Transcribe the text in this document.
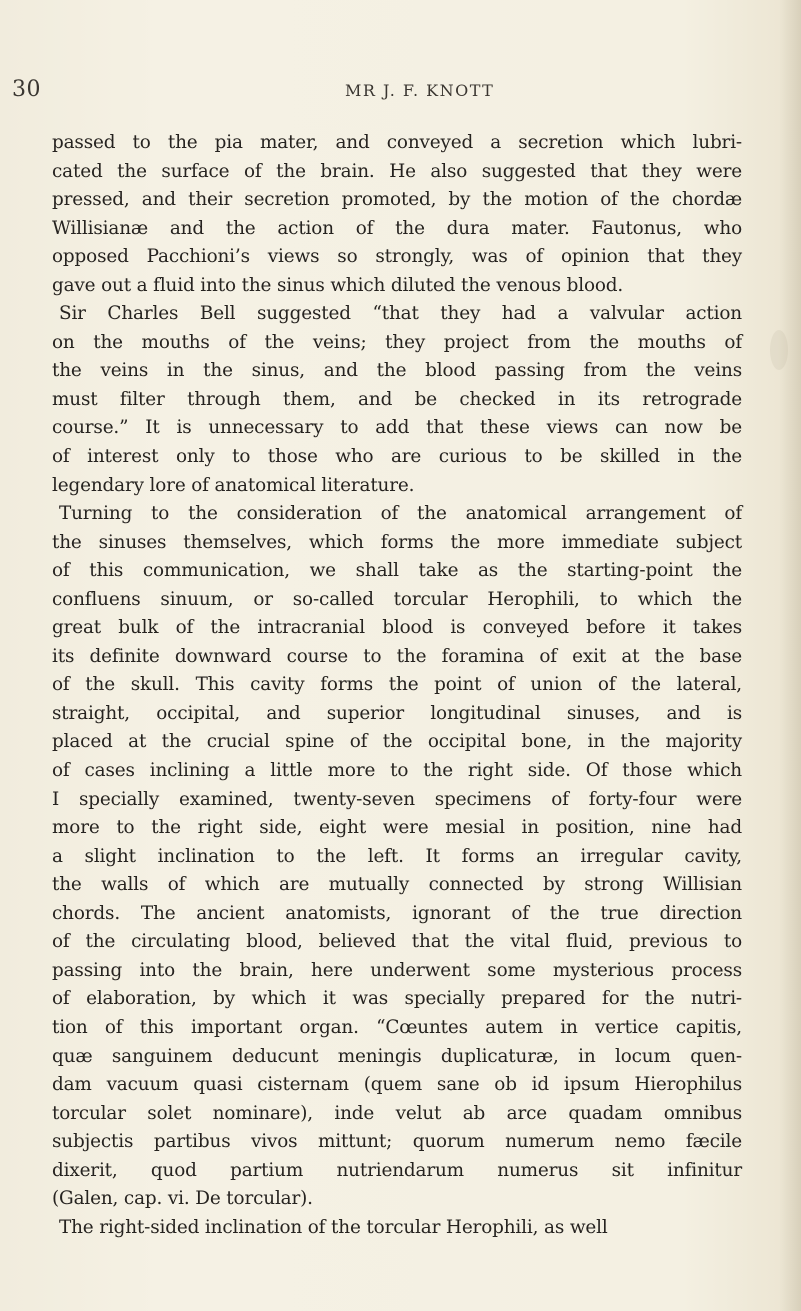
30	MR J. F. KNOTT
passed to the pia mater, and conveyed a secretion which lubri-
cated the surface of the brain. He also suggested that they were
pressed, and their secretion promoted, by the motion of the chordæ
Willisianæ and the action of the dura mater. Fautonus, who
opposed Pacchioni’s views so strongly, was of opinion that they
gave out a fluid into the sinus which diluted the venous blood.
Sir Charles Bell suggested “that they had a valvular action
on the mouths of the veins; they project from the mouths of
the veins in the sinus, and the blood passing from the veins
must filter through them, and be checked in its retrograde
course.” It is unnecessary to add that these views can now be
of interest only to those who are curious to be skilled in the
legendary lore of anatomical literature.
Turning to the consideration of the anatomical arrangement of
the sinuses themselves, which forms the more immediate subject
of this communication, we shall take as the starting-point the
confluens sinuum, or so-called torcular Herophili, to which the
great bulk of the intracranial blood is conveyed before it takes
its definite downward course to the foramina of exit at the base
of the skull. This cavity forms the point of union of the lateral,
straight, occipital, and superior longitudinal sinuses, and is
placed at the crucial spine of the occipital bone, in the majority
of cases inclining a little more to the right side. Of those which
I specially examined, twenty-seven specimens of forty-four were
more to the right side, eight were mesial in position, nine had
a slight inclination to the left. It forms an irregular cavity,
the walls of which are mutually connected by strong Willisian
chords. The ancient anatomists, ignorant of the true direction
of the circulating blood, believed that the vital fluid, previous to
passing into the brain, here underwent some mysterious process
of elaboration, by which it was specially prepared for the nutri-
tion of this important organ. “Cœuntes autem in vertice capitis,
quæ sanguinem deducunt meningis duplicaturæ, in locum quen-
dam vacuum quasi cisternam (quem sane ob id ipsum Hierophilus
torcular solet nominare), inde velut ab arce quadam omnibus
subjectis partibus vivos mittunt; quorum numerum nemo fæcile
dixerit, quod partium nutriendarum numerus sit infinitur
(Galen, cap. vi. De torcular).
The right-sided inclination of the torcular Herophili, as well
